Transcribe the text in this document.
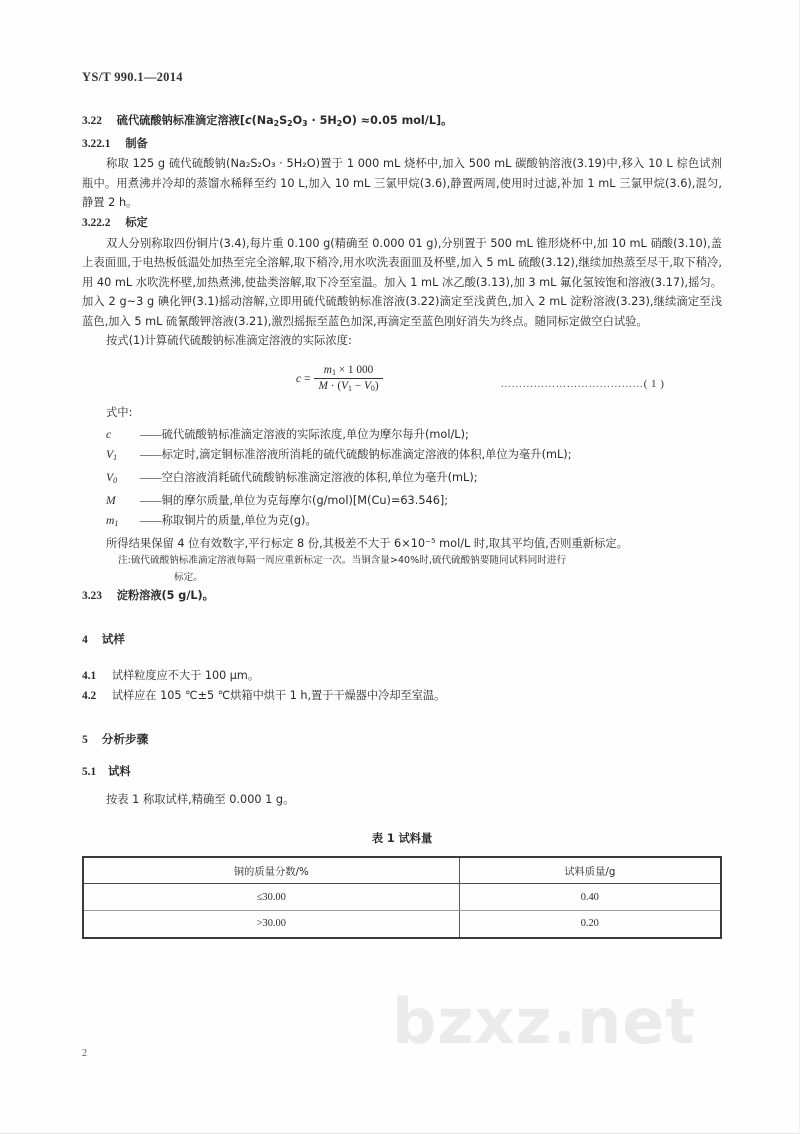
bzxz.net
YS/T 990.1—2014
3.22 硫代硫酸钠标准滴定溶液[$c(Na_2S_2O_3 \cdot 5H_2O) \approx 0.05$ mol/L]。
3.22.1 制备

称取 125 g 硫代硫酸钠(Na₂S₂O₃ · 5H₂O)置于 1 000 mL 烧杯中,加入 500 mL 碳酸钠溶液(3.19)中,移入 10 L 棕色试剂瓶中。用煮沸并冷却的蒸馏水稀释至约 10 L,加入 10 mL 三氯甲烷(3.6),静置两周,使用时过滤,补加 1 mL 三氯甲烷(3.6),混匀,静置 2 h。

3.22.2 标定

双人分别称取四份铜片(3.4),每片重 0.100 g(精确至 0.000 01 g),分别置于 500 mL 锥形烧杯中,加 10 mL 硝酸(3.10),盖上表面皿,于电热板低温处加热至完全溶解,取下稍冷,用水吹洗表面皿及杯壁,加入 5 mL 硫酸(3.12),继续加热蒸至尽干,取下稍冷,用 40 mL 水吹洗杯壁,加热煮沸,使盐类溶解,取下冷至室温。加入 1 mL 冰乙酸(3.13),加 3 mL 氟化氢铵饱和溶液(3.17),摇匀。加入 2 g~3 g 碘化钾(3.1)摇动溶解,立即用硫代硫酸钠标准溶液(3.22)滴定至浅黄色,加入 2 mL 淀粉溶液(3.23),继续滴定至浅蓝色,加入 5 mL 硫氰酸钾溶液(3.21),激烈摇振至蓝色加深,再滴定至蓝色刚好消失为终点。随同标定做空白试验。

按式(1)计算硫代硫酸钠标准滴定溶液的实际浓度:

$c = \frac{m_1 \times 1 000}{M \cdot (V_1 - V_0)}$	…………………………………( 1 )

式中:

c	—— 硫代硫酸钠标准滴定溶液的实际浓度,单位为摩尔每升(mol/L);
$V_1$	—— 标定时,滴定铜标准溶液所消耗的硫代硫酸钠标准滴定溶液的体积,单位为毫升(mL);
$V_0$	—— 空白溶液消耗硫代硫酸钠标准滴定溶液的体积,单位为毫升(mL);
M	—— 铜的摩尔质量,单位为克每摩尔(g/mol)[M(Cu)=63.546];
$m_1$	—— 称取铜片的质量,单位为克(g)。

所得结果保留 4 位有效数字,平行标定 8 份,其极差不大于 6×10⁻⁵ mol/L 时,取其平均值,否则重新标定。

注:硫代硫酸钠标准滴定溶液每隔一周应重新标定一次。当铜含量>40%时,硫代硫酸钠要随同试料同时进行
标定。
3.23 淀粉溶液(5 g/L)。
4 试样
4.1 试样粒度应不大于 100 μm。
4.2 试样应在 105 ℃±5 ℃烘箱中烘干 1 h,置于干燥器中冷却至室温。
5 分析步骤
5.1 试料

按表 1 称取试样,精确至 0.000 1 g。

表 1 试料量
铜的质量分数/%	试料质量/g
≤30.00	0.40
>30.00	0.20
2
